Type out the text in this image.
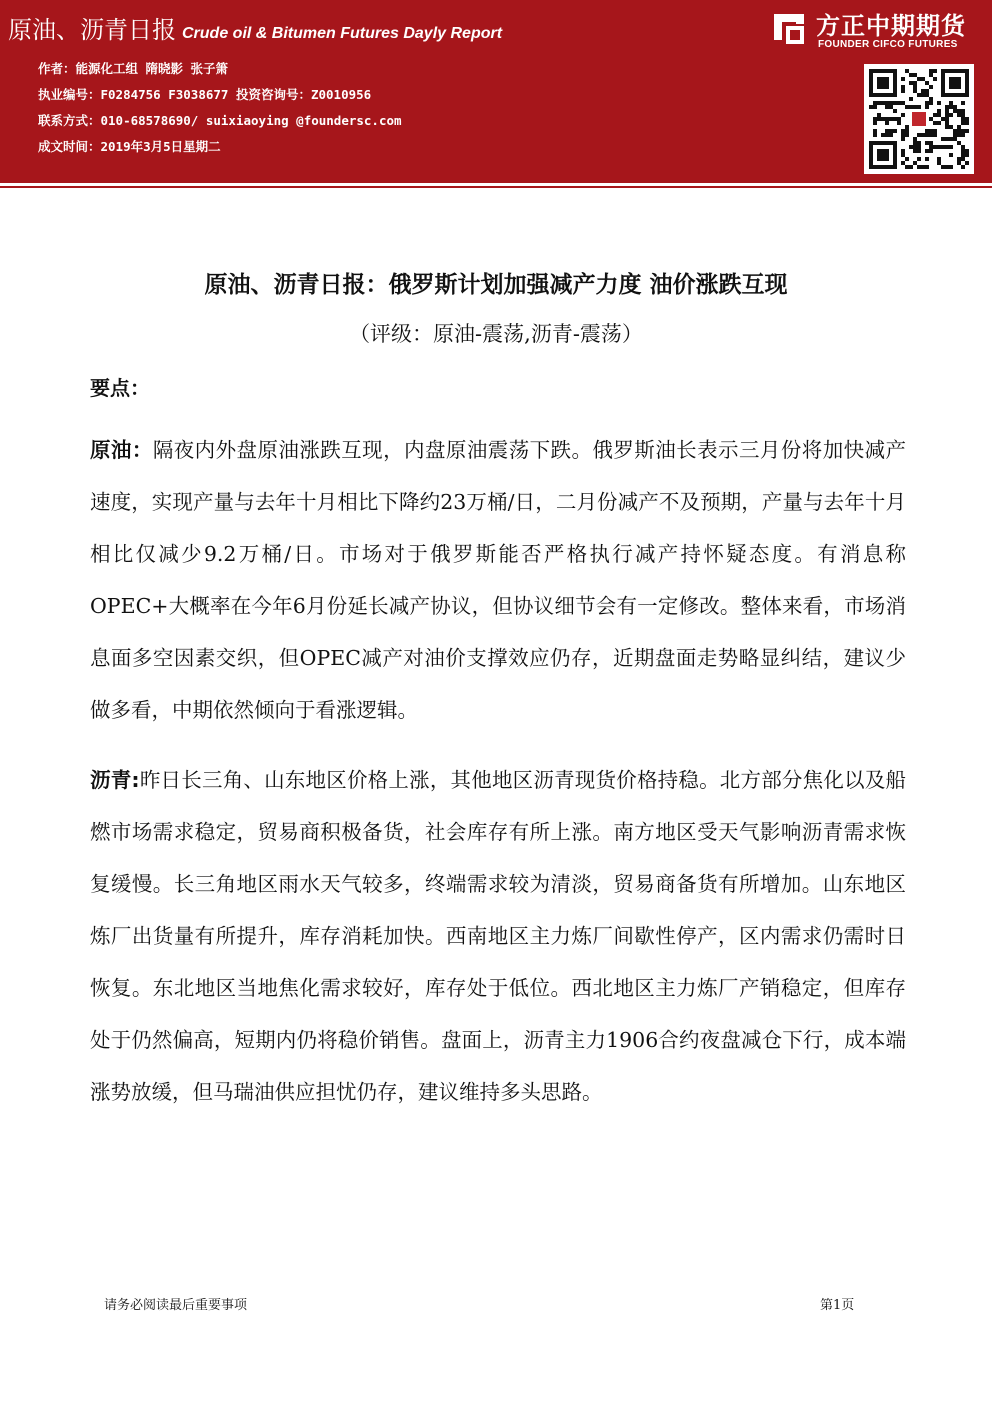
原油、沥青日报 Crude oil & Bitumen Futures Dayly Report
作者：能源化工组 隋晓影 张子箫
执业编号：F0284756 F3038677 投资咨询号：Z0010956
联系方式：010-68578690/ suixiaoying @foundersc.com
成文时间：2019年3月5日星期二
方正中期期货
FOUNDER CIFCO FUTURES
原油、沥青日报：俄罗斯计划加强减产力度 油价涨跌互现
（评级：原油-震荡,沥青-震荡）
要点：
原油：隔夜内外盘原油涨跌互现，内盘原油震荡下跌。俄罗斯油长表示三月份将加快减产速度，实现产量与去年十月相比下降约23万桶/日，二月份减产不及预期，产量与去年十月相比仅减少9.2万桶/日。市场对于俄罗斯能否严格执行减产持怀疑态度。有消息称OPEC+大概率在今年6月份延长减产协议，但协议细节会有一定修改。整体来看，市场消息面多空因素交织，但OPEC减产对油价支撑效应仍存，近期盘面走势略显纠结，建议少做多看，中期依然倾向于看涨逻辑。
沥青:昨日长三角、山东地区价格上涨，其他地区沥青现货价格持稳。北方部分焦化以及船燃市场需求稳定，贸易商积极备货，社会库存有所上涨。南方地区受天气影响沥青需求恢复缓慢。长三角地区雨水天气较多，终端需求较为清淡，贸易商备货有所增加。山东地区炼厂出货量有所提升，库存消耗加快。西南地区主力炼厂间歇性停产，区内需求仍需时日恢复。东北地区当地焦化需求较好，库存处于低位。西北地区主力炼厂产销稳定，但库存处于仍然偏高，短期内仍将稳价销售。盘面上，沥青主力1906合约夜盘减仓下行，成本端涨势放缓，但马瑞油供应担忧仍存，建议维持多头思路。
请务必阅读最后重要事项	第1页
